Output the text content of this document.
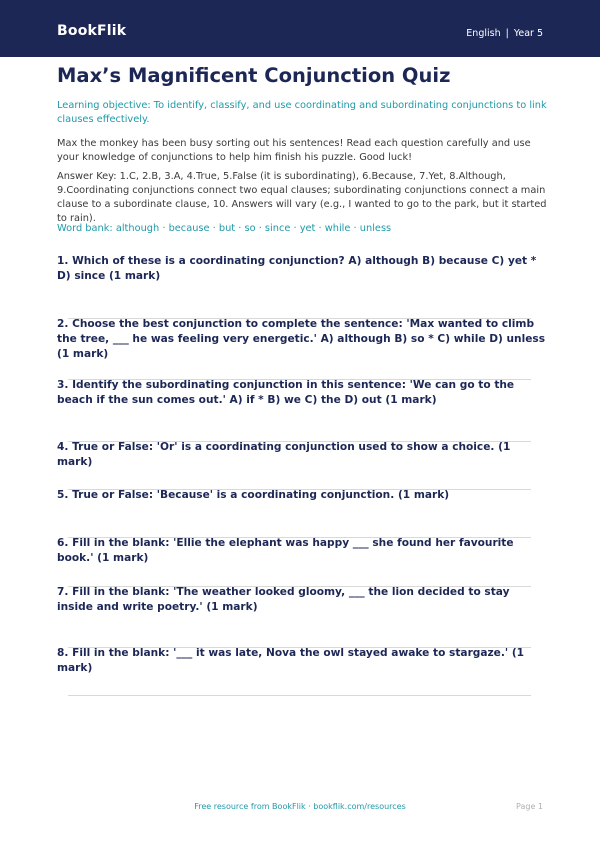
BookFlik	English | Year 5
Max’s Magnificent Conjunction Quiz
Learning objective: To identify, classify, and use coordinating and subordinating conjunctions to link clauses effectively.
Max the monkey has been busy sorting out his sentences! Read each question carefully and use your knowledge of conjunctions to help him finish his puzzle. Good luck!
Answer Key: 1.C, 2.B, 3.A, 4.True, 5.False (it is subordinating), 6.Because, 7.Yet, 8.Although, 9.Coordinating conjunctions connect two equal clauses; subordinating conjunctions connect a main clause to a subordinate clause, 10. Answers will vary (e.g., I wanted to go to the park, but it started to rain).
Word bank: although · because · but · so · since · yet · while · unless

1. Which of these is a coordinating conjunction? A) although B) because C) yet * D) since (1 mark)

2. Choose the best conjunction to complete the sentence: 'Max wanted to climb the tree, ___ he was feeling very energetic.' A) although B) so * C) while D) unless (1 mark)

3. Identify the subordinating conjunction in this sentence: 'We can go to the beach if the sun comes out.' A) if * B) we C) the D) out (1 mark)

4. True or False: 'Or' is a coordinating conjunction used to show a choice. (1 mark)

5. True or False: 'Because' is a coordinating conjunction. (1 mark)

6. Fill in the blank: 'Ellie the elephant was happy ___ she found her favourite book.' (1 mark)

7. Fill in the blank: 'The weather looked gloomy, ___ the lion decided to stay inside and write poetry.' (1 mark)

8. Fill in the blank: '___ it was late, Nova the owl stayed awake to stargaze.' (1 mark)

Free resource from BookFlik · bookflik.com/resources	Page 1
